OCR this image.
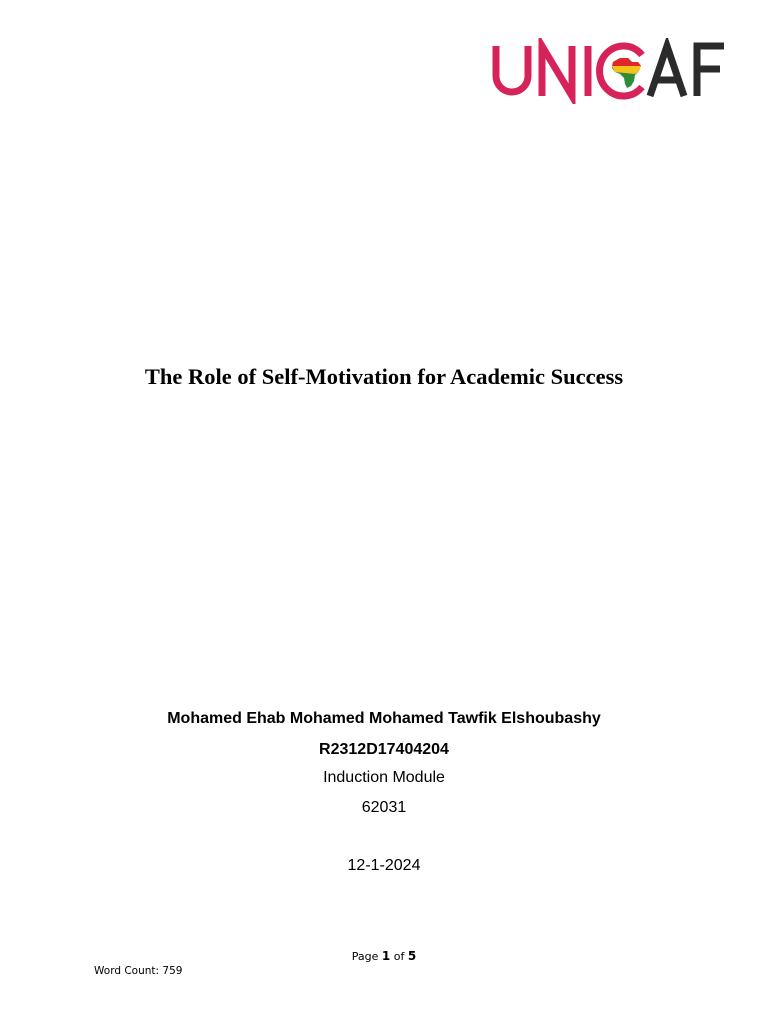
The Role of Self-Motivation for Academic Success

Mohamed Ehab Mohamed Mohamed Tawfik Elshoubashy

R2312D17404204

Induction Module

62031

12-1-2024

Page 1 of 5
Word Count: 759
